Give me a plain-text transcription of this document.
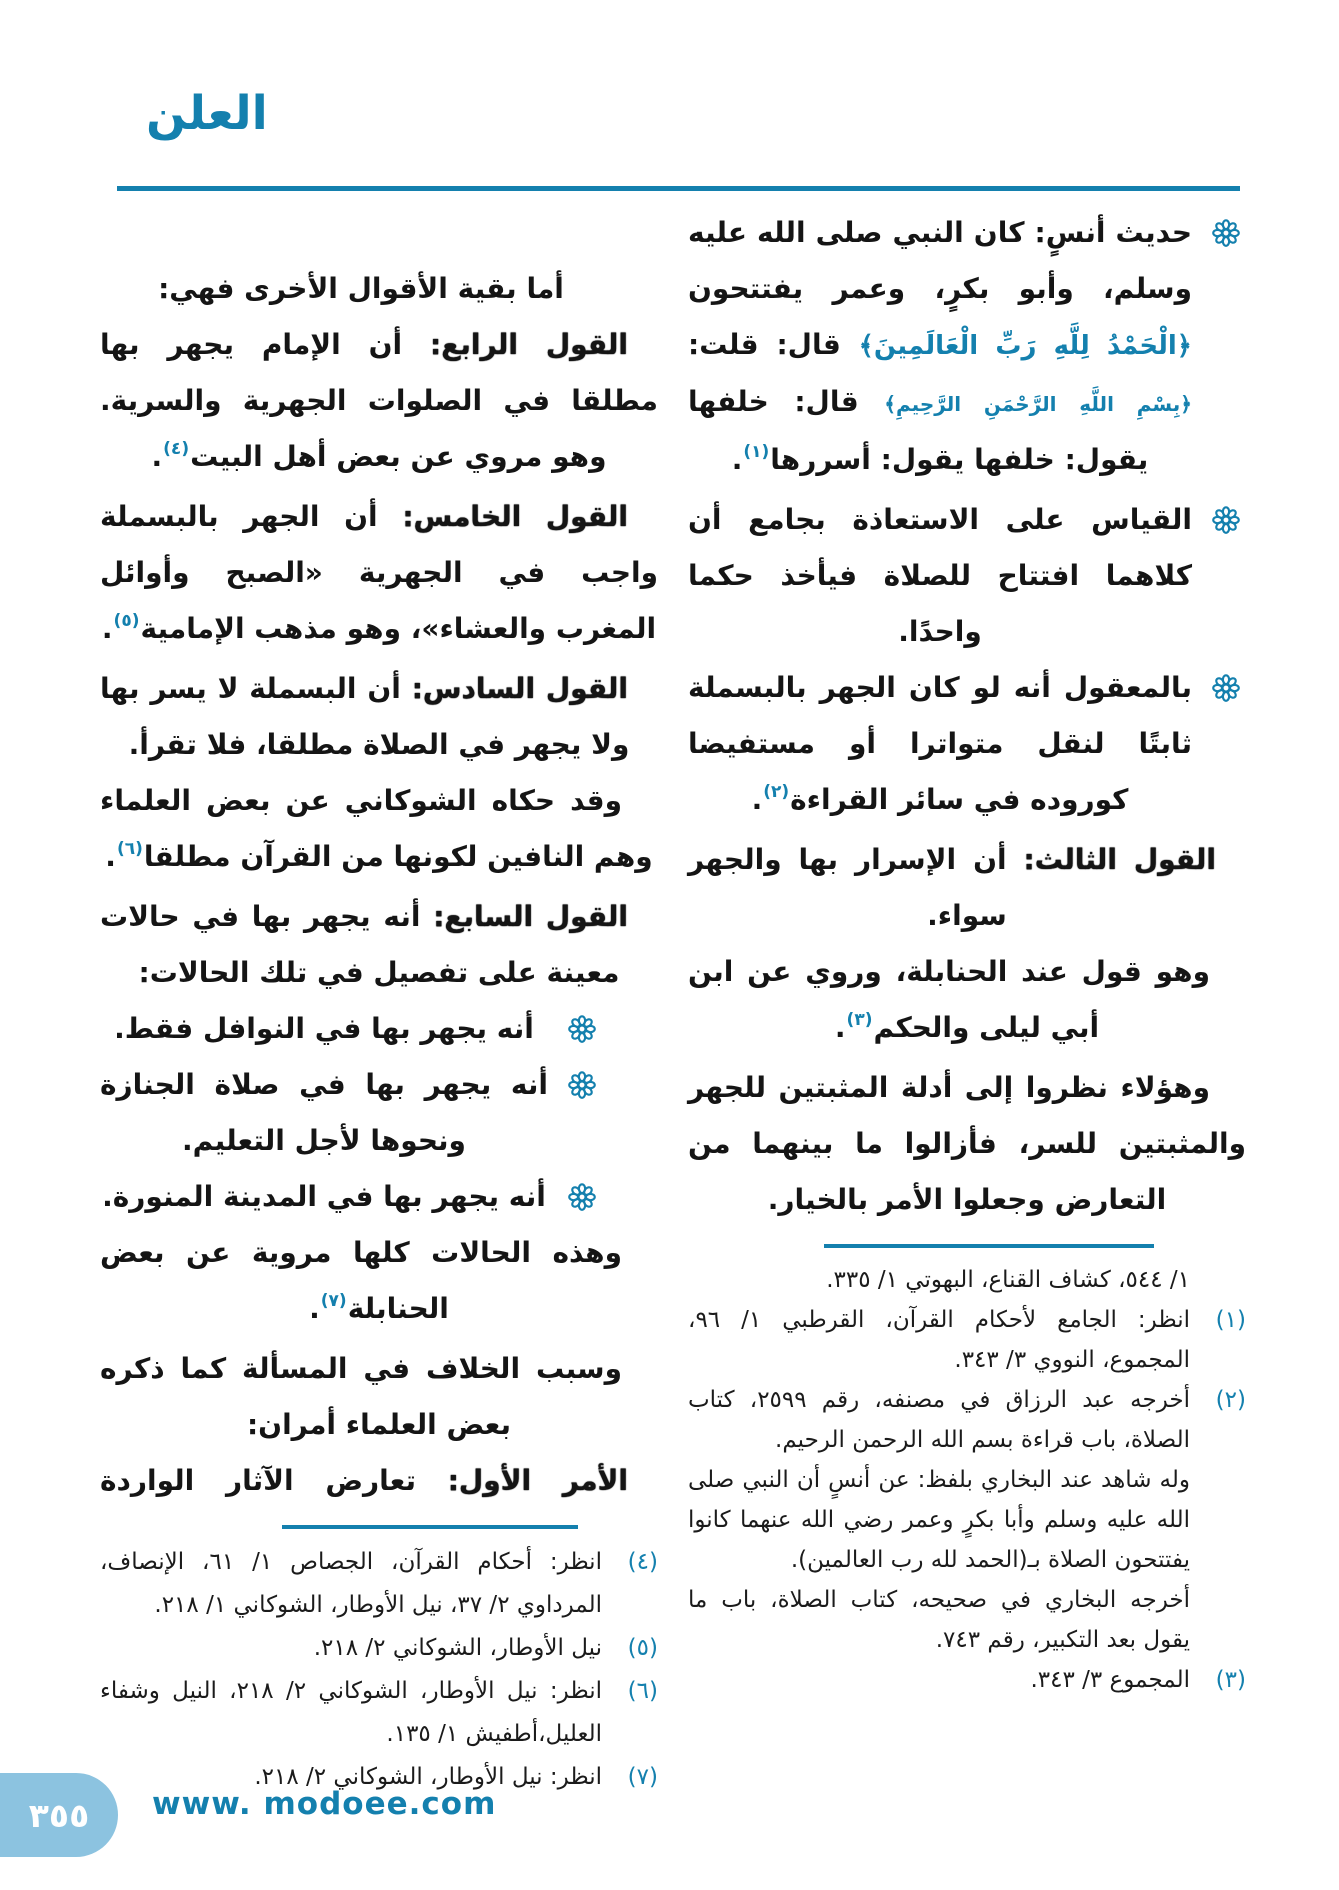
العلن
حديث أنسٍ: كان النبي صلى الله عليه وسلم، وأبو بكرٍ، وعمر يفتتحون ﴿الْحَمْدُ لِلَّهِ رَبِّ الْعَالَمِينَ﴾ قال: قلت: ﴿بِسْمِ اللَّهِ الرَّحْمَنِ الرَّحِيمِ﴾ قال: خلفها يقول: خلفها يقول: أسررها$^{(١)}$.
القياس على الاستعاذة بجامع أن كلاهما افتتاح للصلاة فيأخذ حكما واحدًا.
بالمعقول أنه لو كان الجهر بالبسملة ثابتًا لنقل متواترا أو مستفيضا كوروده في سائر القراءة$^{(٢)}$.
القول الثالث: أن الإسرار بها والجهر سواء.
وهو قول عند الحنابلة، وروي عن ابن أبي ليلى والحكم$^{(٣)}$.
وهؤلاء نظروا إلى أدلة المثبتين للجهر والمثبتين للسر، فأزالوا ما بينهما من التعارض وجعلوا الأمر بالخيار.
١/ ٥٤٤، كشاف القناع، البهوتي ١/ ٣٣٥.
(١)
انظر: الجامع لأحكام القرآن، القرطبي ١/ ٩٦، المجموع، النووي ٣/ ٣٤٣.
(٢)
أخرجه عبد الرزاق في مصنفه، رقم ٢٥٩٩، كتاب الصلاة، باب قراءة بسم الله الرحمن الرحيم.
وله شاهد عند البخاري بلفظ: عن أنسٍ أن النبي صلى الله عليه وسلم وأبا بكرٍ وعمر رضي الله عنهما كانوا يفتتحون الصلاة بـ(الحمد لله رب العالمين).
أخرجه البخاري في صحيحه، كتاب الصلاة، باب ما يقول بعد التكبير، رقم ٧٤٣.
(٣)
المجموع ٣/ ٣٤٣.
أما بقية الأقوال الأخرى فهي:
القول الرابع: أن الإمام يجهر بها مطلقا في الصلوات الجهرية والسرية. وهو مروي عن بعض أهل البيت$^{(٤)}$.
القول الخامس: أن الجهر بالبسملة واجب في الجهرية «الصبح وأوائل المغرب والعشاء»، وهو مذهب الإمامية$^{(٥)}$.
القول السادس: أن البسملة لا يسر بها ولا يجهر في الصلاة مطلقا، فلا تقرأ.
وقد حكاه الشوكاني عن بعض العلماء وهم النافين لكونها من القرآن مطلقا$^{(٦)}$.
القول السابع: أنه يجهر بها في حالات معينة على تفصيل في تلك الحالات:
أنه يجهر بها في النوافل فقط.
أنه يجهر بها في صلاة الجنازة ونحوها لأجل التعليم.
أنه يجهر بها في المدينة المنورة.
وهذه الحالات كلها مروية عن بعض الحنابلة$^{(٧)}$.
وسبب الخلاف في المسألة كما ذكره بعض العلماء أمران:
الأمر الأول: تعارض الآثار الواردة
(٤)
انظر: أحكام القرآن، الجصاص ١/ ٦١، الإنصاف، المرداوي ٢/ ٣٧، نيل الأوطار، الشوكاني ١/ ٢١٨.
(٥)
نيل الأوطار، الشوكاني ٢/ ٢١٨.
(٦)
انظر: نيل الأوطار، الشوكاني ٢/ ٢١٨، النيل وشفاء العليل،أطفيش ١/ ١٣٥.
(٧)
انظر: نيل الأوطار، الشوكاني ٢/ ٢١٨.
٣٥٥ www. modoee.com
